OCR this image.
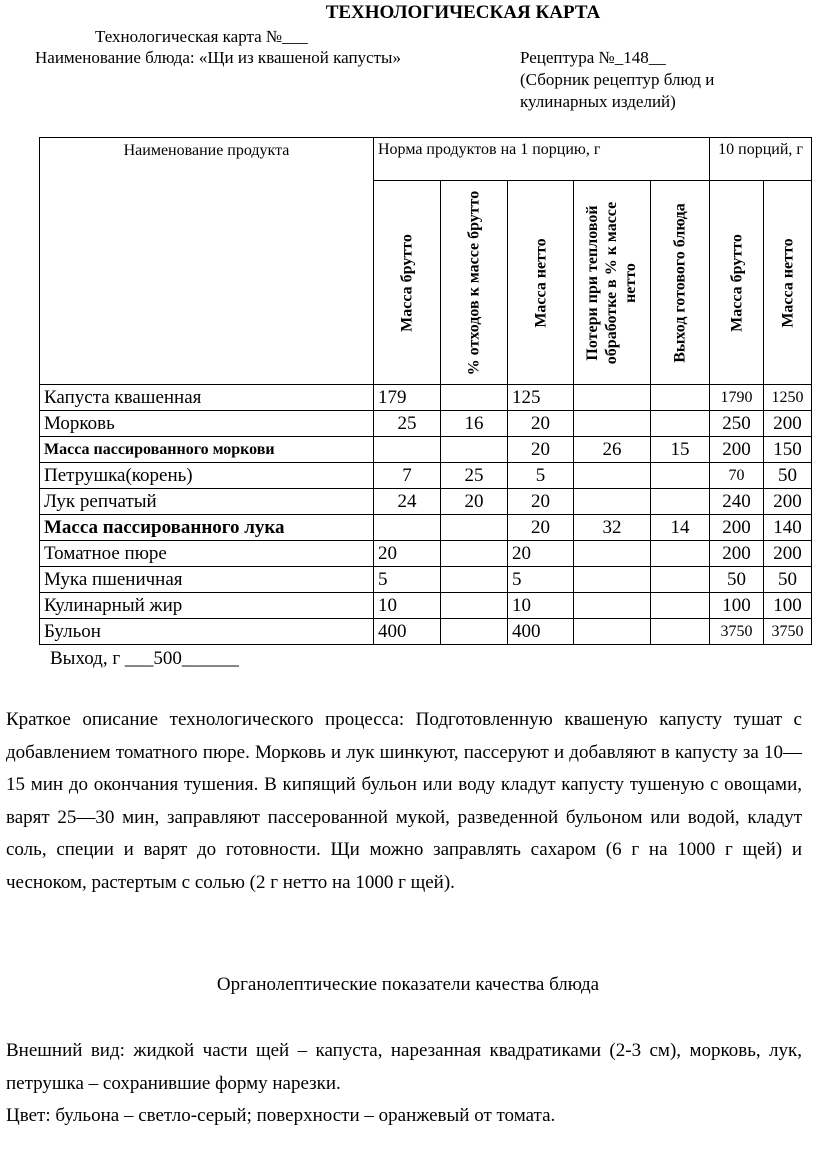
ТЕХНОЛОГИЧЕСКАЯ КАРТА
Технологическая карта №___
Наименование блюда: «Щи из квашеной капусты»	Рецептура №_148__
(Сборник рецептур блюд и
кулинарных изделий)
Наименование продукта	Норма продуктов на 1 порцию, г					10 порций, г	

	Масса брутто	% отходов к массе брутто	Масса нетто	Потери при тепловой обработке в % к массе нетто	Выход готового блюда	Масса брутто	Масса нетто

Капуста квашенная	179		125			1790	1250
Морковь	25	16	20			250	200
Масса пассированного моркови			20	26	15	200	150
Петрушка(корень)	7	25	5			70	50
Лук репчатый	24	20	20			240	200
Масса пассированного лука			20	32	14	200	140
Томатное пюре	20		20			200	200
Мука пшеничная	5		5			50	50
Кулинарный жир	10		10			100	100
Бульон	400		400			3750	3750
Выход, г ___500______

Краткое описание технологического процесса: Подготовленную квашеную капусту тушат с добавлением томатного пюре. Морковь и лук шинкуют, пассеруют и добавляют в капусту за 10—15 мин до окончания тушения. В кипящий бульон или воду кладут капусту тушеную с овощами, варят 25—30 мин, заправляют пассерованной мукой, разведенной бульоном или водой, кладут соль, специи и варят до готовности. Щи можно заправлять сахаром (6 г на 1000 г щей) и чесноком, растертым с солью (2 г нетто на 1000 г щей).

Органолептические показатели качества блюда

Внешний вид: жидкой части щей – капуста, нарезанная квадратиками (2-3 см), морковь, лук, петрушка – сохранившие форму нарезки.

Цвет: бульона – светло-серый; поверхности – оранжевый от томата.
